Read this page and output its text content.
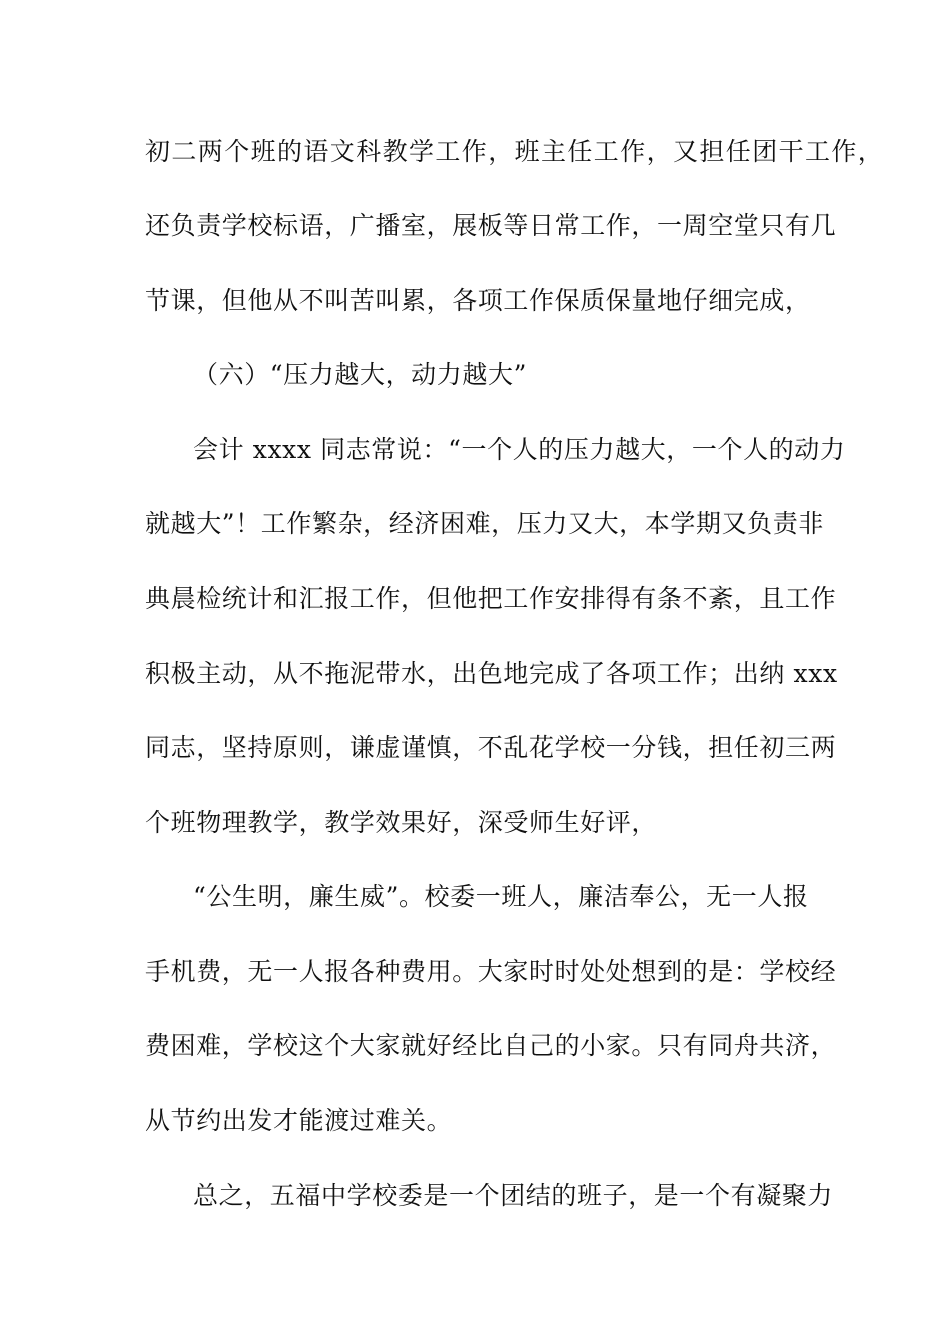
初二两个班的语文科教学工作，班主任工作，又担任团干工作，
还负责学校标语，广播室，展板等日常工作，一周空堂只有几
节课，但他从不叫苦叫累，各项工作保质保量地仔细完成，
（六）“压力越大，动力越大”
会计 xxxx 同志常说：“一个人的压力越大，一个人的动力
就越大”！工作繁杂，经济困难，压力又大，本学期又负责非
典晨检统计和汇报工作，但他把工作安排得有条不紊，且工作
积极主动，从不拖泥带水，出色地完成了各项工作；出纳 xxx
同志，坚持原则，谦虚谨慎，不乱花学校一分钱，担任初三两
个班物理教学，教学效果好，深受师生好评，
“公生明，廉生威”。校委一班人，廉洁奉公，无一人报
手机费，无一人报各种费用。大家时时处处想到的是：学校经
费困难，学校这个大家就好经比自己的小家。只有同舟共济，
从节约出发才能渡过难关。
总之，五福中学校委是一个团结的班子，是一个有凝聚力
